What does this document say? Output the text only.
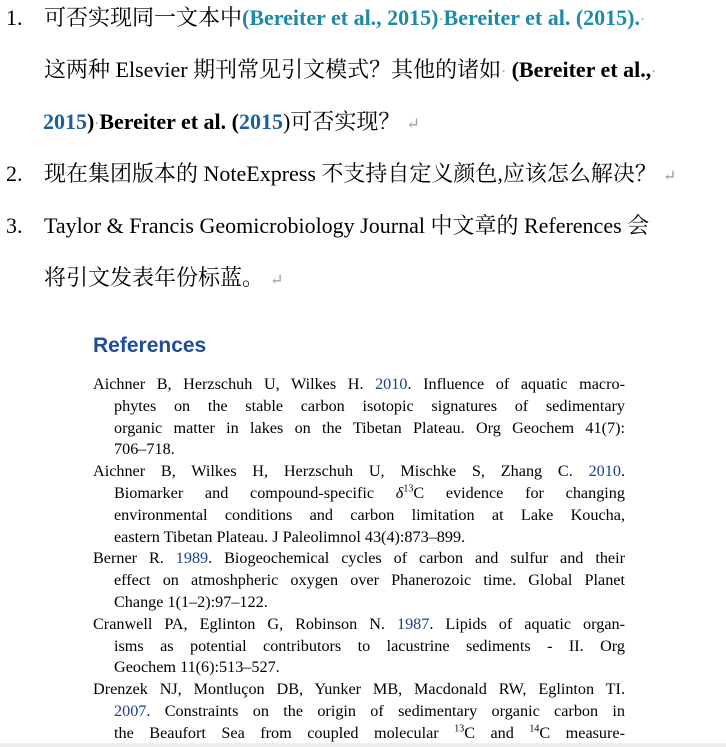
1. 可否实现同一文本中(Bereiter et al., 2015)·Bereiter et al. (2015).·
这两种 Elsevier 期刊常见引文模式？其他的诸如· (Bereiter et al.,·
2015)·Bereiter et al. (2015)可否实现？ ↵
2. 现在集团版本的 NoteExpress 不支持自定义颜色,应该怎么解决？ ↵
3. Taylor & Francis Geomicrobiology Journal 中文章的 References 会
将引文发表年份标蓝。 ↵
References
Aichner B, Herzschuh U, Wilkes H. 2010. Influence of aquatic macro-
phytes on the stable carbon isotopic signatures of sedimentary
organic matter in lakes on the Tibetan Plateau. Org Geochem 41(7):
706–718.
Aichner B, Wilkes H, Herzschuh U, Mischke S, Zhang C. 2010.
Biomarker and compound-specific $\delta^{13}C$ evidence for changing
environmental conditions and carbon limitation at Lake Koucha,
eastern Tibetan Plateau. J Paleolimnol 43(4):873–899.
Berner R. 1989. Biogeochemical cycles of carbon and sulfur and their
effect on atmoshpheric oxygen over Phanerozoic time. Global Planet
Change 1(1–2):97–122.
Cranwell PA, Eglinton G, Robinson N. 1987. Lipids of aquatic organ-
isms as potential contributors to lacustrine sediments - II. Org
Geochem 11(6):513–527.
Drenzek NJ, Montluçon DB, Yunker MB, Macdonald RW, Eglinton TI.
2007. Constraints on the origin of sedimentary organic carbon in
the Beaufort Sea from coupled molecular $^{13}$C and $^{14}$C measure-
